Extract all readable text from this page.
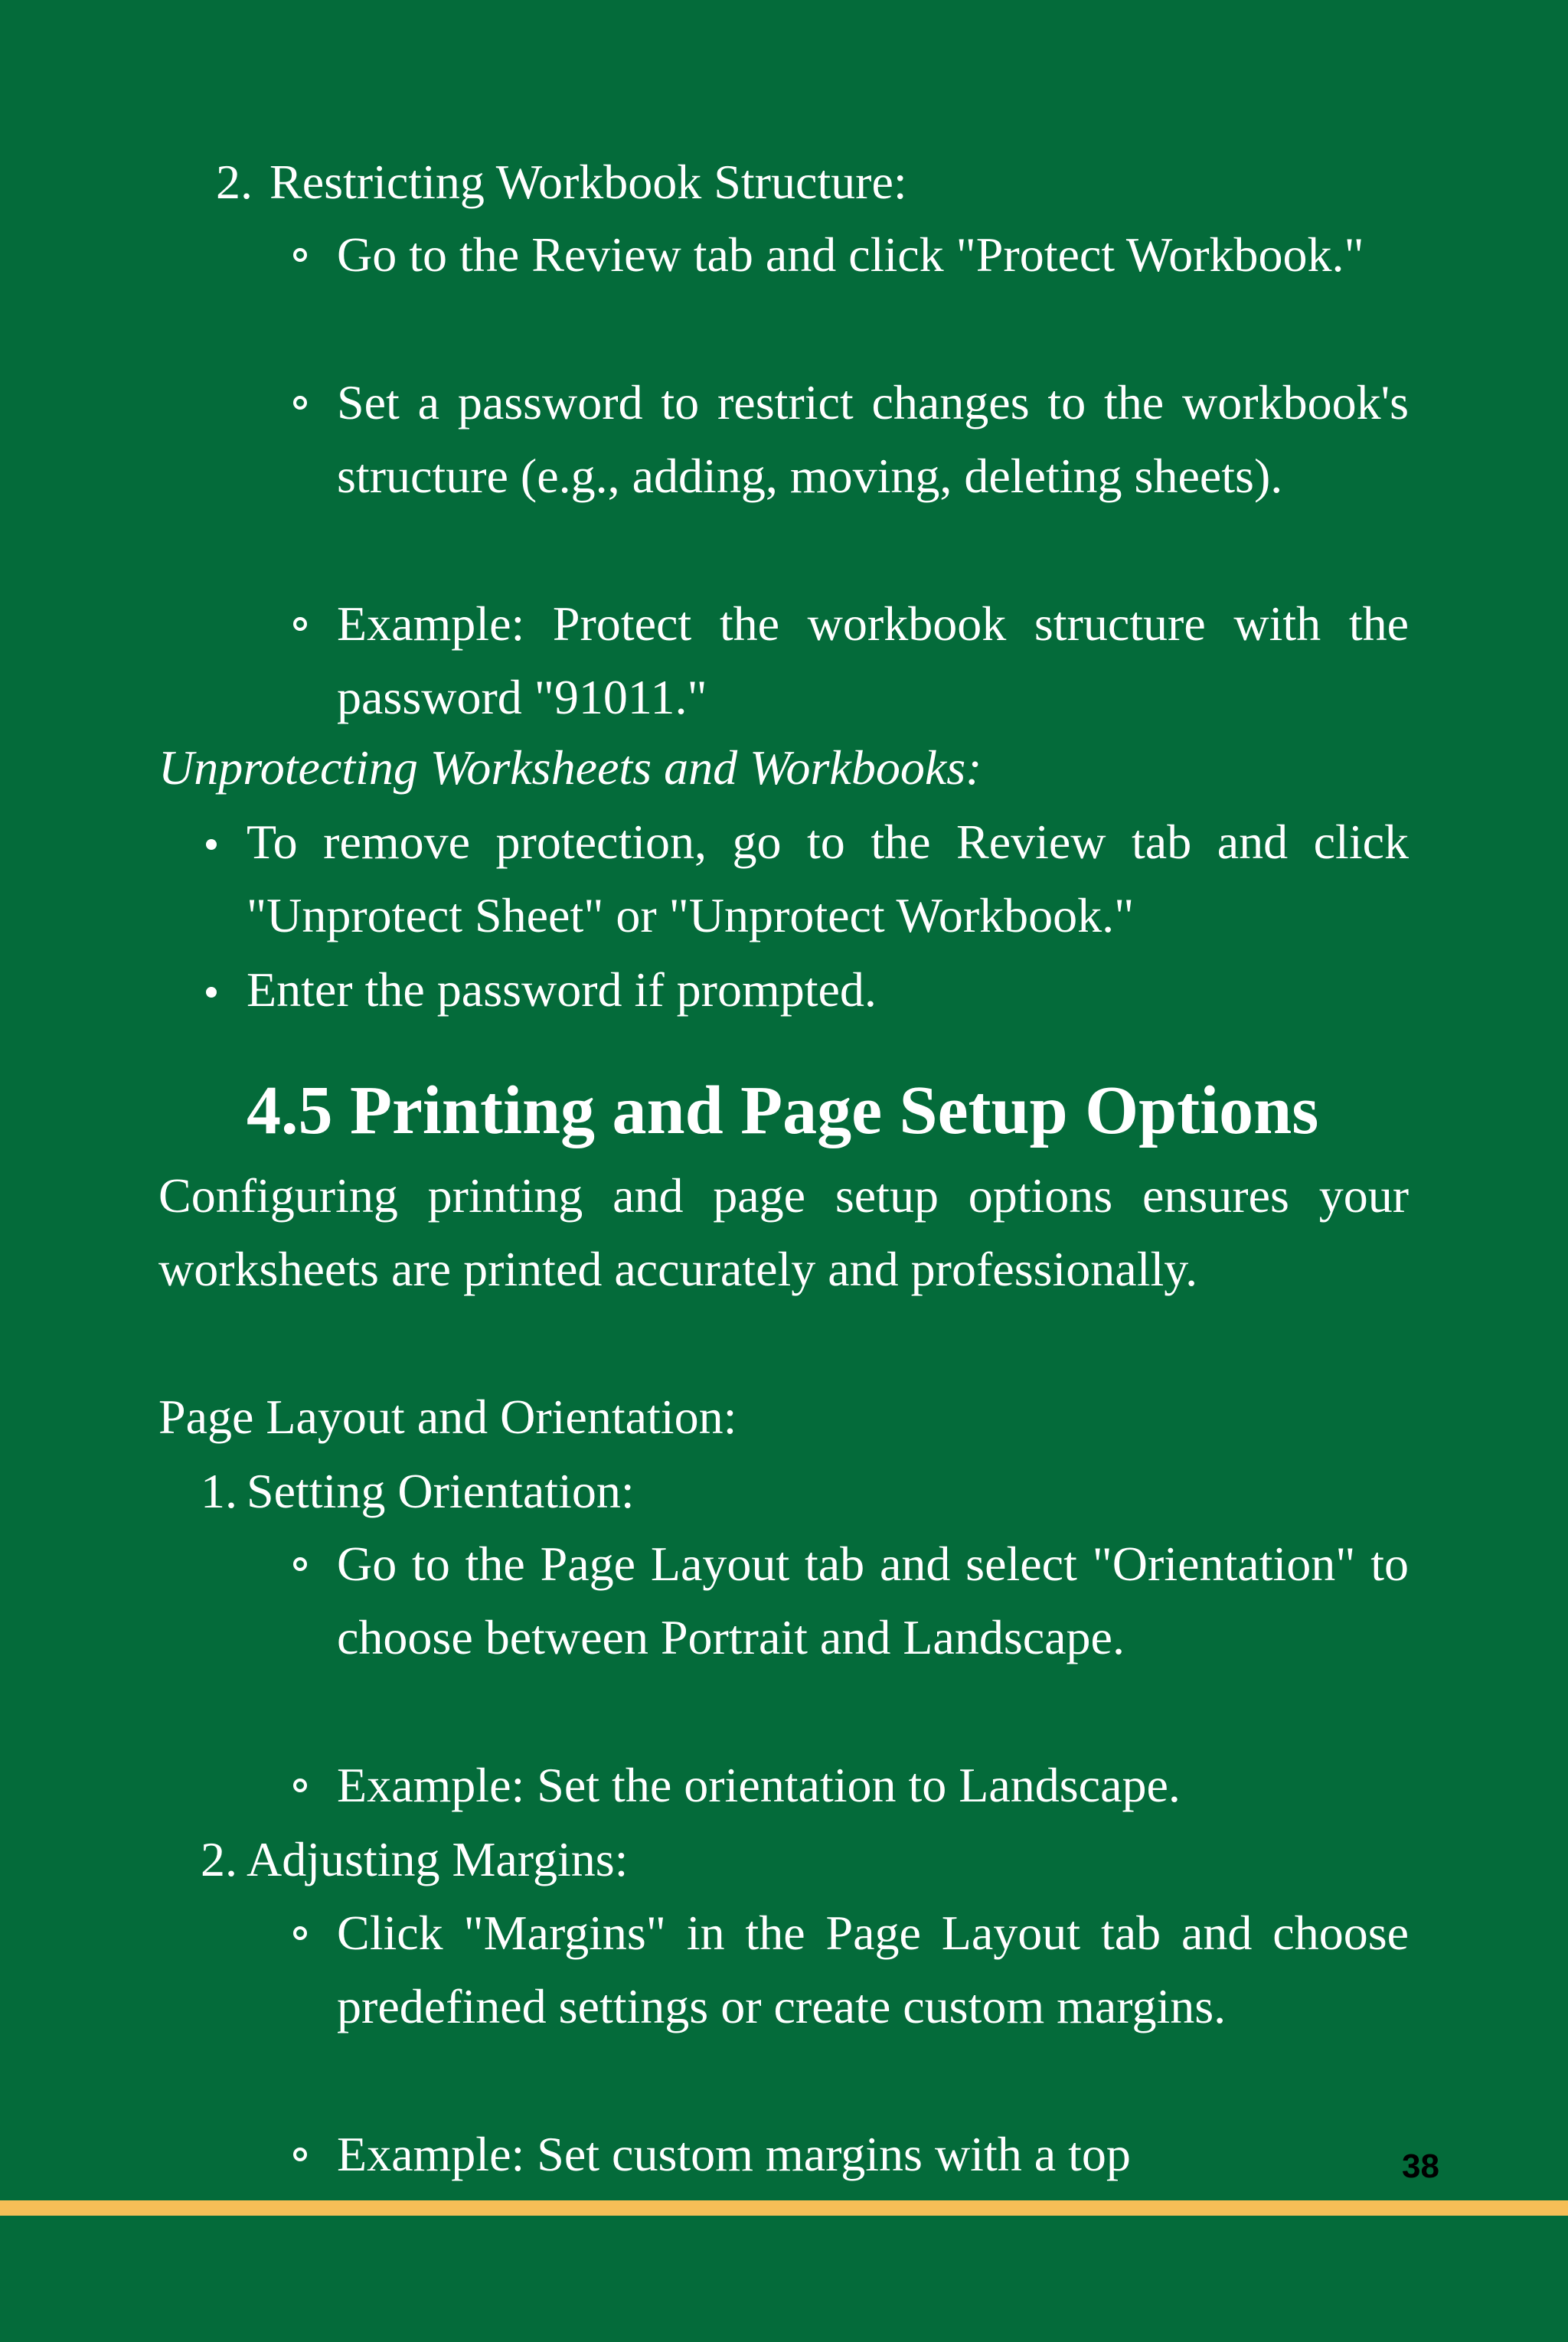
2. Restricting Workbook Structure:
Go to the Review tab and click "Protect Workbook."
Set a password to restrict changes to the workbook's structure (e.g., adding, moving, deleting sheets).
Example: Protect the workbook structure with the password "91011."
Unprotecting Worksheets and Workbooks:
To remove protection, go to the Review tab and click "Unprotect Sheet" or "Unprotect Workbook."
Enter the password if prompted.
4.5 Printing and Page Setup Options
Configuring printing and page setup options ensures your worksheets are printed accurately and professionally.
Page Layout and Orientation:
1. Setting Orientation:
Go to the Page Layout tab and select "Orientation" to choose between Portrait and Landscape.
Example: Set the orientation to Landscape.
2. Adjusting Margins:
Click "Margins" in the Page Layout tab and choose predefined settings or create custom margins.
Example: Set custom margins with a top	38
